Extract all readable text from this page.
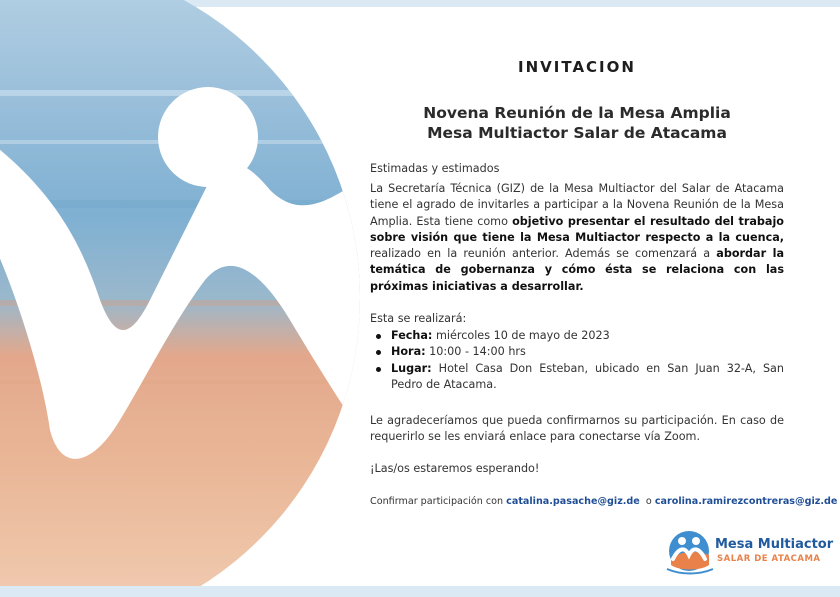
INVITACION
Novena Reunión de la Mesa Amplia
Mesa Multiactor Salar de Atacama
Estimadas y estimados
La Secretaría Técnica (GIZ) de la Mesa Multiactor del Salar de Atacama tiene el agrado de invitarles a participar a la Novena Reunión de la Mesa Amplia. Esta tiene como objetivo presentar el resultado del trabajo sobre visión que tiene la Mesa Multiactor respecto a la cuenca, realizado en la reunión anterior. Además se comenzará a abordar la temática de gobernanza y cómo ésta se relaciona con las próximas iniciativas a desarrollar.
Esta se realizará:
Fecha: miércoles 10 de mayo de 2023
Hora: 10:00 - 14:00 hrs
Lugar: Hotel Casa Don Esteban, ubicado en San Juan 32-A, San Pedro de Atacama.
Le agradeceríamos que pueda confirmarnos su participación. En caso de requerirlo se les enviará enlace para conectarse vía Zoom.
¡Las/os estaremos esperando!
Confirmar participación con catalina.pasache@giz.de  o carolina.ramirezcontreras@giz.de
Mesa Multiactor
SALAR DE ATACAMA
